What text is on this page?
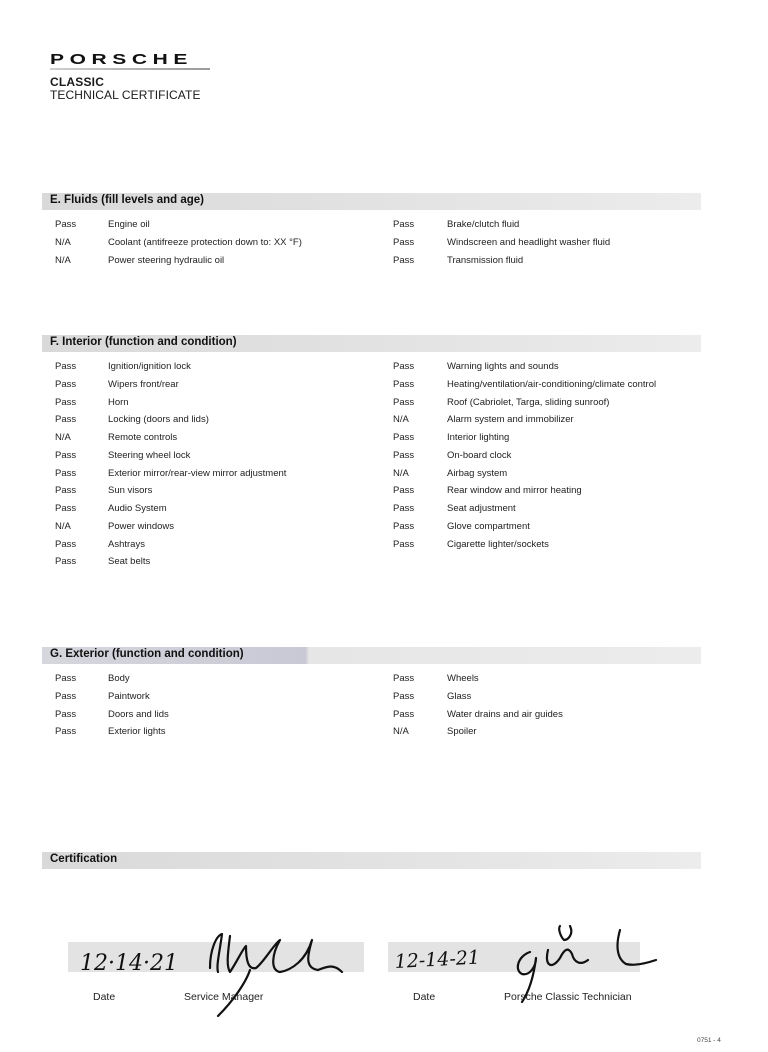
PORSCHE
CLASSIC
TECHNICAL CERTIFICATE
E. Fluids (fill levels and age)
Pass	Engine oil
N/A	Coolant (antifreeze protection down to: XX °F)
N/A	Power steering hydraulic oil
Pass	Brake/clutch fluid
Pass	Windscreen and headlight washer fluid
Pass	Transmission fluid
F. Interior (function and condition)
Pass	Ignition/ignition lock
Pass	Wipers front/rear
Pass	Horn
Pass	Locking (doors and lids)
N/A	Remote controls
Pass	Steering wheel lock
Pass	Exterior mirror/rear-view mirror adjustment
Pass	Sun visors
Pass	Audio System
N/A	Power windows
Pass	Ashtrays
Pass	Seat belts
Pass	Warning lights and sounds
Pass	Heating/ventilation/air-conditioning/climate control
Pass	Roof (Cabriolet, Targa, sliding sunroof)
N/A	Alarm system and immobilizer
Pass	Interior lighting
Pass	On-board clock
N/A	Airbag system
Pass	Rear window and mirror heating
Pass	Seat adjustment
Pass	Glove compartment
Pass	Cigarette lighter/sockets
G. Exterior (function and condition)
Pass	Body
Pass	Paintwork
Pass	Doors and lids
Pass	Exterior lights
Pass	Wheels
Pass	Glass
Pass	Water drains and air guides
N/A	Spoiler
Certification
12·14·21	12-14-21
Date	Service Manager	Date	Porsche Classic Technician
0751 - 4
